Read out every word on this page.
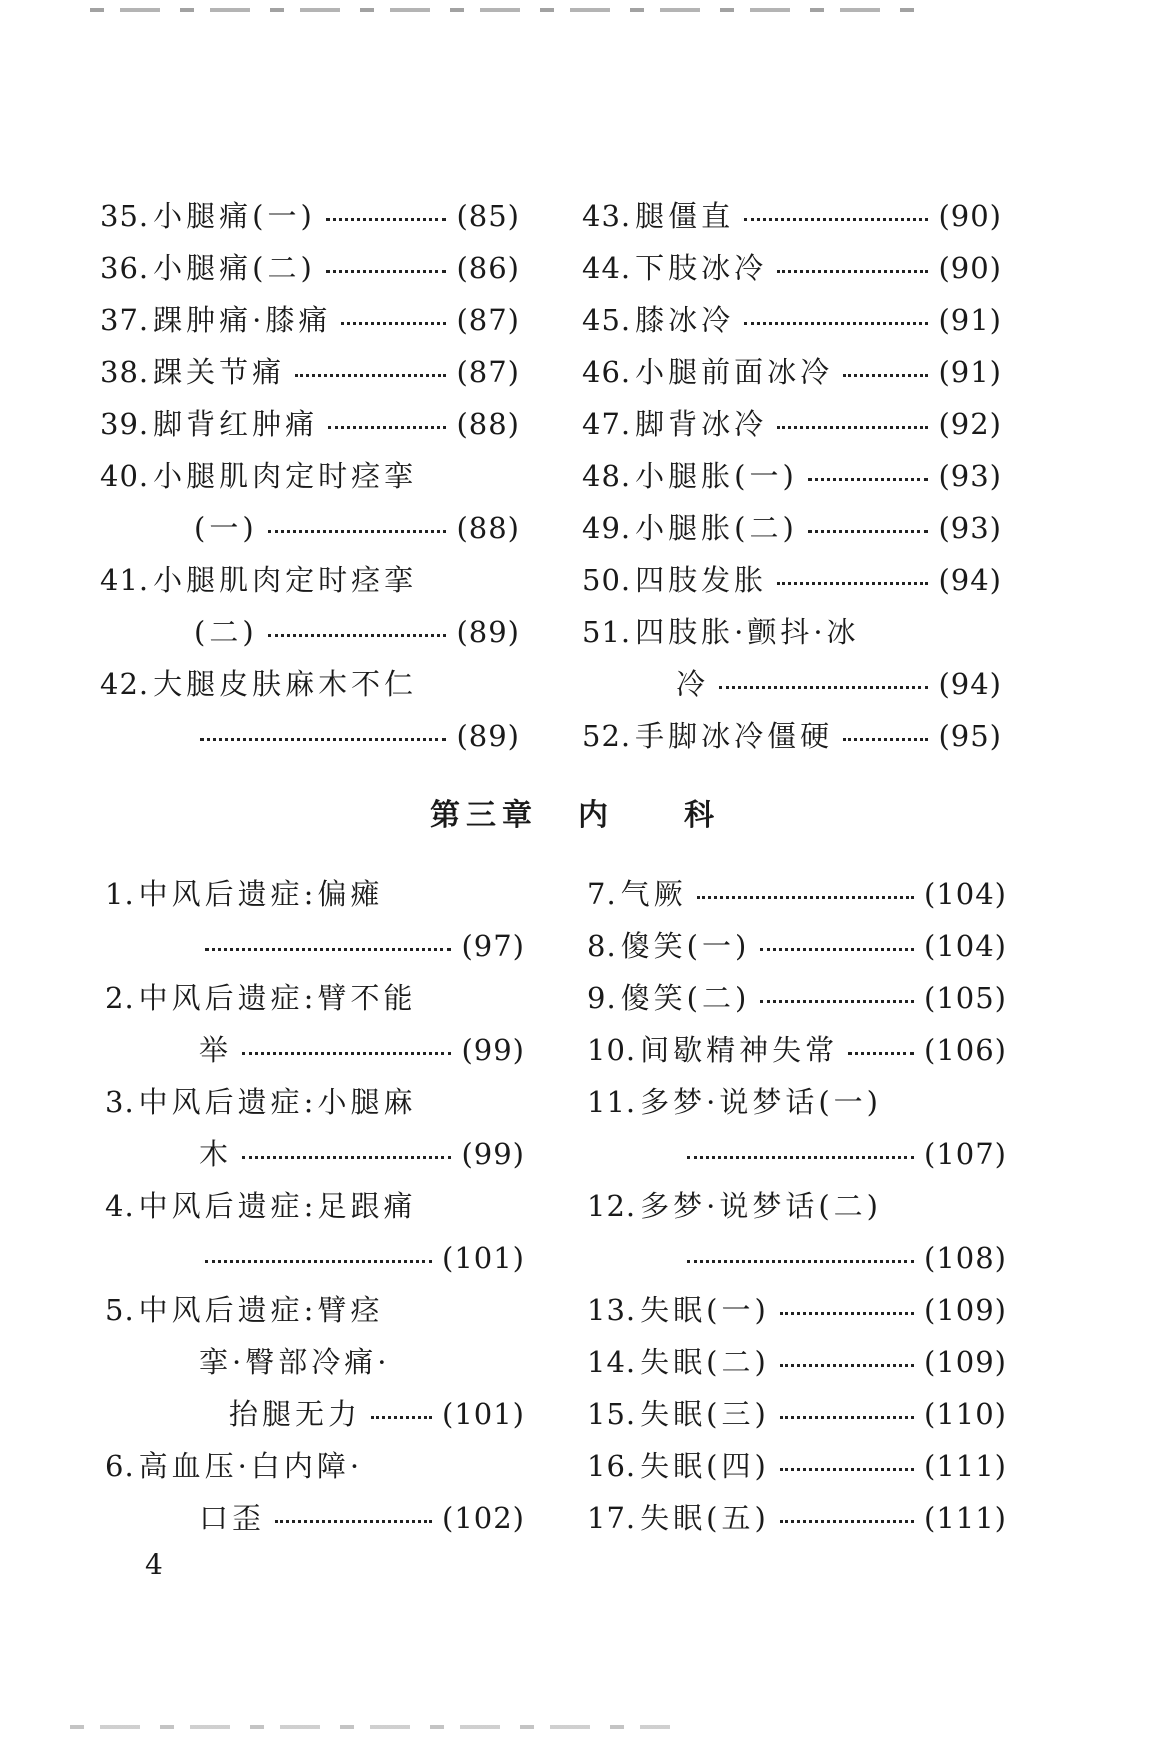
35. 小腿痛(一)	(85)
36. 小腿痛(二)	(86)
37. 踝肿痛·膝痛	(87)
38. 踝关节痛	(87)
39. 脚背红肿痛	(88)
40. 小腿肌肉定时痉挛
(一)	(88)
41. 小腿肌肉定时痉挛
(二)	(89)
42. 大腿皮肤麻木不仁
(89)
43. 腿僵直	(90)
44. 下肢冰冷	(90)
45. 膝冰冷	(91)
46. 小腿前面冰冷	(91)
47. 脚背冰冷	(92)
48. 小腿胀(一)	(93)
49. 小腿胀(二)	(93)
50. 四肢发胀	(94)
51. 四肢胀·颤抖·冰
冷	(94)
52. 手脚冰冷僵硬	(95)
第三章 内 科
1. 中风后遗症:偏瘫
(97)
2. 中风后遗症:臂不能
举	(99)
3. 中风后遗症:小腿麻
木	(99)
4. 中风后遗症:足跟痛
(101)
5. 中风后遗症:臂痉
挛·臀部冷痛·
抬腿无力	(101)
6. 高血压·白内障·
口歪	(102)
7. 气厥	(104)
8. 傻笑(一)	(104)
9. 傻笑(二)	(105)
10. 间歇精神失常	(106)
11. 多梦·说梦话(一)
(107)
12. 多梦·说梦话(二)
(108)
13. 失眠(一)	(109)
14. 失眠(二)	(109)
15. 失眠(三)	(110)
16. 失眠(四)	(111)
17. 失眠(五)	(111)
4
